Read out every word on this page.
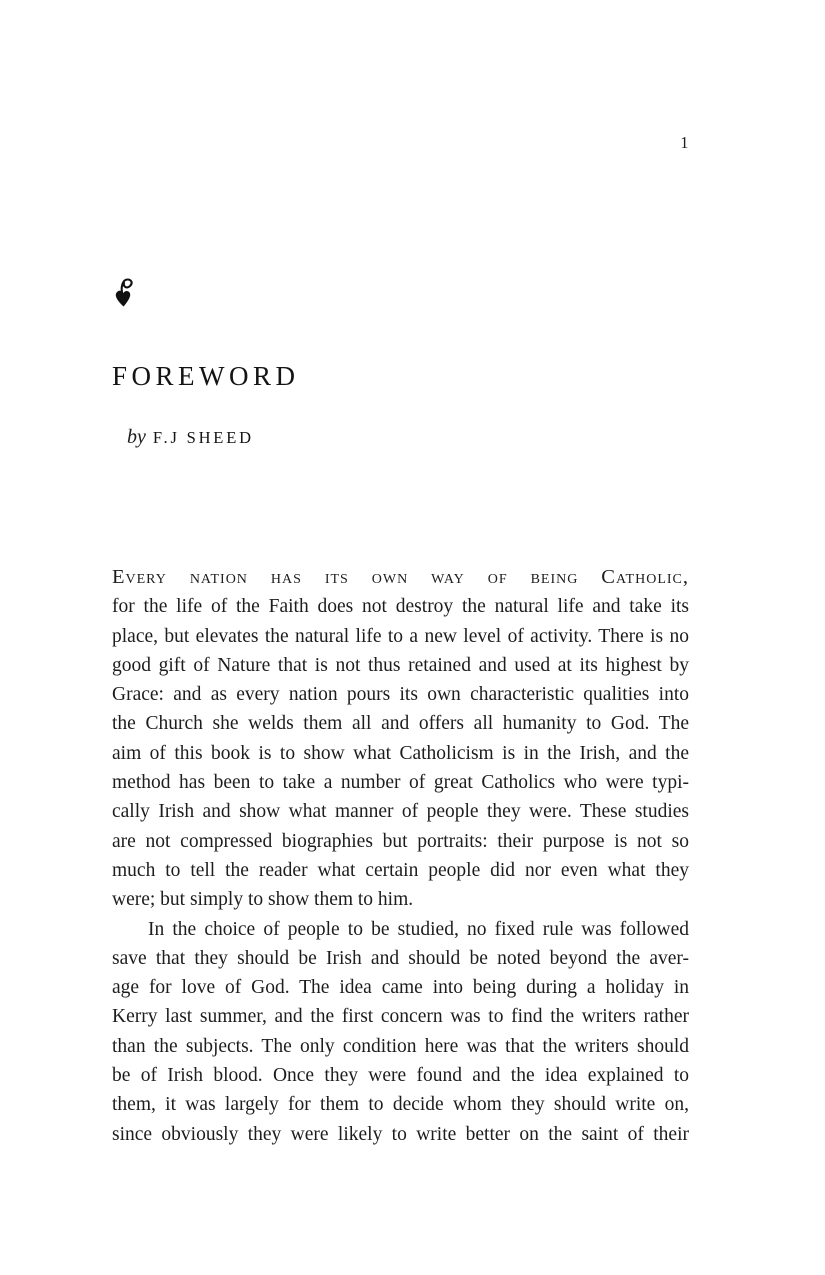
1
FOREWORD
by F.J SHEED
Every nation has its own way of being Catholic,
for the life of the Faith does not destroy the natural life and take its
place, but elevates the natural life to a new level of activity. There is no
good gift of Nature that is not thus retained and used at its highest by
Grace: and as every nation pours its own characteristic qualities into
the Church she welds them all and offers all humanity to God. The
aim of this book is to show what Catholicism is in the Irish, and the
method has been to take a number of great Catholics who were typi-
cally Irish and show what manner of people they were. These studies
are not compressed biographies but portraits: their purpose is not so
much to tell the reader what certain people did nor even what they
were; but simply to show them to him.
In the choice of people to be studied, no fixed rule was followed
save that they should be Irish and should be noted beyond the aver-
age for love of God. The idea came into being during a holiday in
Kerry last summer, and the first concern was to find the writers rather
than the subjects. The only condition here was that the writers should
be of Irish blood. Once they were found and the idea explained to
them, it was largely for them to decide whom they should write on,
since obviously they were likely to write better on the saint of their
